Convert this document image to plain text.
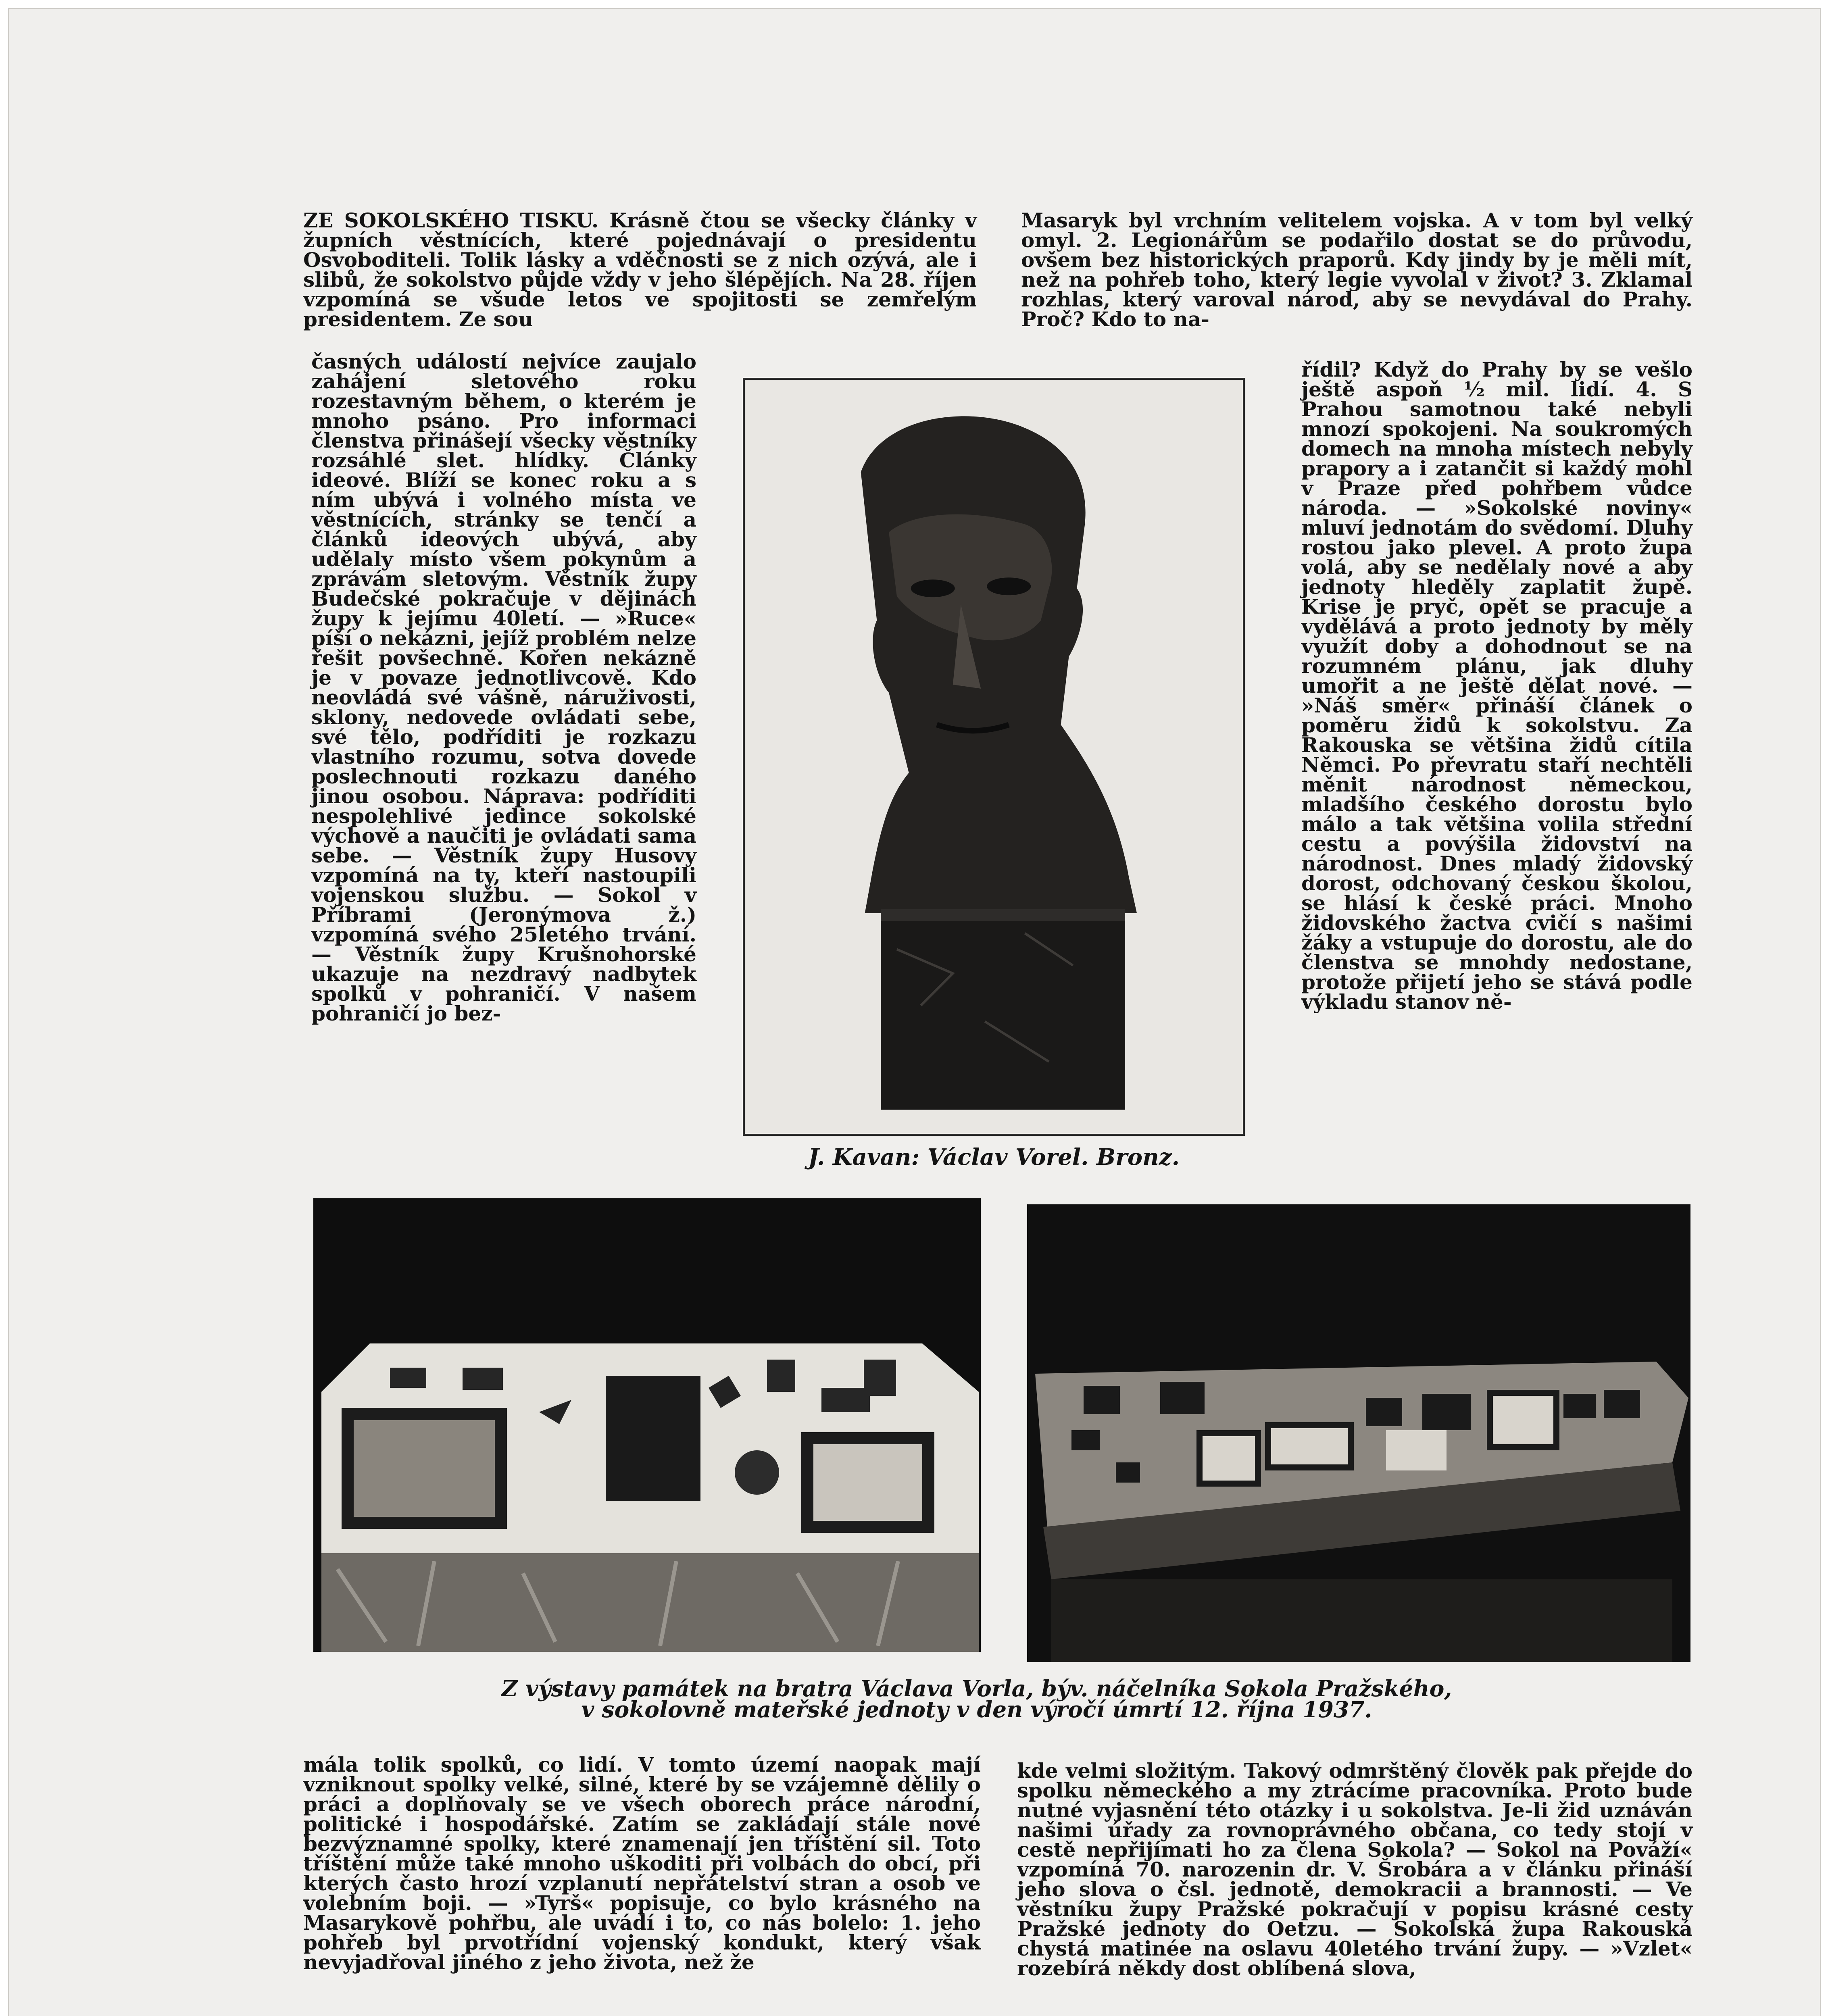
ZE SOKOLSKÉHO TISKU. Krásně čtou se všecky články v župních věstnících, které pojednávají o presidentu Osvoboditeli. Tolik lásky a vděčnosti se z nich ozývá, ale i slibů, že sokolstvo půjde vždy v jeho šlépějích. Na 28. říjen vzpomíná se všude letos ve spojitosti se zemřelým presidentem. Ze sou

časných událostí nejvíce zaujalo zahájení sletového roku rozestavným během, o kterém je mnoho psáno. Pro informaci členstva přinášejí všecky věstníky rozsáhlé slet. hlídky. Články ideové. Blíží se konec roku a s ním ubývá i volného místa ve věstnících, stránky se tenčí a článků ideových ubývá, aby udělaly místo všem pokynům a zprávám sletovým. Věstník župy Budečské pokračuje v dějinách župy k jejímu 40letí. — »Ruce« píší o nekázni, jejíž problém nelze řešit povšechně. Kořen nekázně je v povaze jednotlivcově. Kdo neovládá své vášně, náruživosti, sklony, nedovede ovládati sebe, své tělo, podříditi je rozkazu vlastního rozumu, sotva dovede poslechnouti rozkazu daného jinou osobou. Náprava: podříditi nespolehlivé jedince sokolské výchově a naučiti je ovládati sama sebe. — Věstník župy Husovy vzpomíná na ty, kteří nastoupili vojenskou službu. — Sokol v Příbrami (Jeronýmova ž.) vzpomíná svého 25letého trvání. — Věstník župy Krušnohorské ukazuje na nezdravý nadbytek spolků v pohraničí. V našem pohraničí jo bez-

Masaryk byl vrchním velitelem vojska. A v tom byl velký omyl. 2. Legionářům se podařilo dostat se do průvodu, ovšem bez historických praporů. Kdy jindy by je měli mít, než na pohřeb toho, který legie vyvolal v život? 3. Zklamal rozhlas, který varoval národ, aby se nevydával do Prahy. Proč? Kdo to na-

řídil? Když do Prahy by se vešlo ještě aspoň ½ mil. lidí. 4. S Prahou samotnou také nebyli mnozí spokojeni. Na soukromých domech na mnoha místech nebyly prapory a i zatančit si každý mohl v Praze před pohřbem vůdce národa. — »Sokolské noviny« mluví jednotám do svědomí. Dluhy rostou jako plevel. A proto župa volá, aby se nedělaly nové a aby jednoty hleděly zaplatit župě. Krise je pryč, opět se pracuje a vydělává a proto jednoty by měly využít doby a dohodnout se na rozumném plánu, jak dluhy umořit a ne ještě dělat nové. — »Náš směr« přináší článek o poměru židů k sokolstvu. Za Rakouska se většina židů cítila Němci. Po převratu staří nechtěli měnit národnost německou, mladšího českého dorostu bylo málo a tak většina volila střední cestu a povýšila židovství na národnost. Dnes mladý židovský dorost, odchovaný českou školou, se hlásí k české práci. Mnoho židovského žactva cvičí s našimi žáky a vstupuje do dorostu, ale do členstva se mnohdy nedostane, protože přijetí jeho se stává podle výkladu stanov ně-

J. Kavan: Václav Vorel. Bronz.
Z výstavy památek na bratra Václava Vorla, býv. náčelníka Sokola Pražského,
v sokolovně mateřské jednoty v den výročí úmrtí 12. října 1937.

mála tolik spolků, co lidí. V tomto území naopak mají vzniknout spolky velké, silné, které by se vzájemně dělily o práci a doplňovaly se ve všech oborech práce národní, politické i hospodářské. Zatím se zakládají stále nové bezvýznamné spolky, které znamenají jen tříštění sil. Toto tříštění může také mnoho uškoditi při volbách do obcí, při kterých často hrozí vzplanutí nepřátelství stran a osob ve volebním boji. — »Tyrš« popisuje, co bylo krásného na Masarykově pohřbu, ale uvádí i to, co nás bolelo: 1. jeho pohřeb byl prvotřídní vojenský kondukt, který však nevyjadřoval jiného z jeho života, než že

kde velmi složitým. Takový odmrštěný člověk pak přejde do spolku německého a my ztrácíme pracovníka. Proto bude nutné vyjasnění této otázky i u sokolstva. Je-li žid uznáván našimi úřady za rovnoprávného občana, co tedy stojí v cestě nepřijímati ho za člena Sokola? — Sokol na Pováží« vzpomíná 70. narozenin dr. V. Šrobára a v článku přináší jeho slova o čsl. jednotě, demokracii a brannosti. — Ve věstníku župy Pražské pokračují v popisu krásné cesty Pražské jednoty do Oetzu. — Sokolská župa Rakouská chystá matinée na oslavu 40letého trvání župy. — »Vzlet« rozebírá někdy dost oblíbená slova,
